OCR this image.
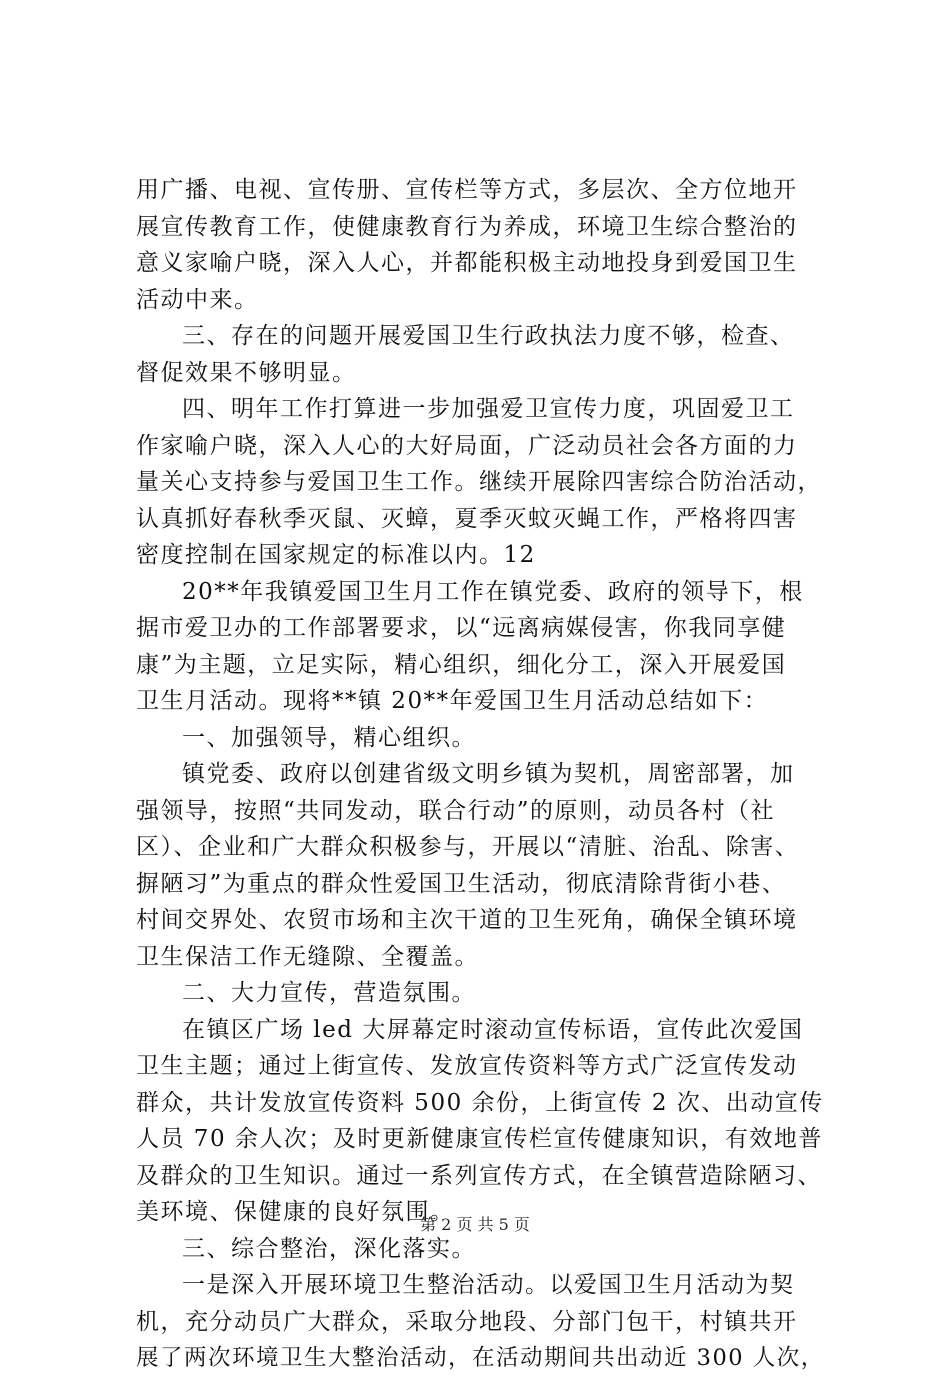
用广播、电视、宣传册、宣传栏等方式，多层次、全方位地开
展宣传教育工作，使健康教育行为养成，环境卫生综合整治的
意义家喻户晓，深入人心，并都能积极主动地投身到爱国卫生
活动中来。
三、存在的问题开展爱国卫生行政执法力度不够，检查、
督促效果不够明显。
四、明年工作打算进一步加强爱卫宣传力度，巩固爱卫工
作家喻户晓，深入人心的大好局面，广泛动员社会各方面的力
量关心支持参与爱国卫生工作。继续开展除四害综合防治活动，
认真抓好春秋季灭鼠、灭蟑，夏季灭蚊灭蝇工作，严格将四害
密度控制在国家规定的标准以内。12
20**年我镇爱国卫生月工作在镇党委、政府的领导下，根
据市爱卫办的工作部署要求，以“远离病媒侵害，你我同享健
康”为主题，立足实际，精心组织，细化分工，深入开展爱国
卫生月活动。现将**镇 20**年爱国卫生月活动总结如下：
一、加强领导，精心组织。
镇党委、政府以创建省级文明乡镇为契机，周密部署，加
强领导，按照“共同发动，联合行动”的原则，动员各村（社
区）、企业和广大群众积极参与，开展以“清脏、治乱、除害、
摒陋习”为重点的群众性爱国卫生活动，彻底清除背街小巷、
村间交界处、农贸市场和主次干道的卫生死角，确保全镇环境
卫生保洁工作无缝隙、全覆盖。
二、大力宣传，营造氛围。
在镇区广场 led 大屏幕定时滚动宣传标语，宣传此次爱国
卫生主题；通过上街宣传、发放宣传资料等方式广泛宣传发动
群众，共计发放宣传资料 500 余份，上街宣传 2 次、出动宣传
人员 70 余人次；及时更新健康宣传栏宣传健康知识，有效地普
及群众的卫生知识。通过一系列宣传方式，在全镇营造除陋习、
美环境、保健康的良好氛围。
三、综合整治，深化落实。
一是深入开展环境卫生整治活动。以爱国卫生月活动为契
机，充分动员广大群众，采取分地段、分部门包干，村镇共开
展了两次环境卫生大整治活动，在活动期间共出动近 300 人次，
第 2 页 共 5 页
